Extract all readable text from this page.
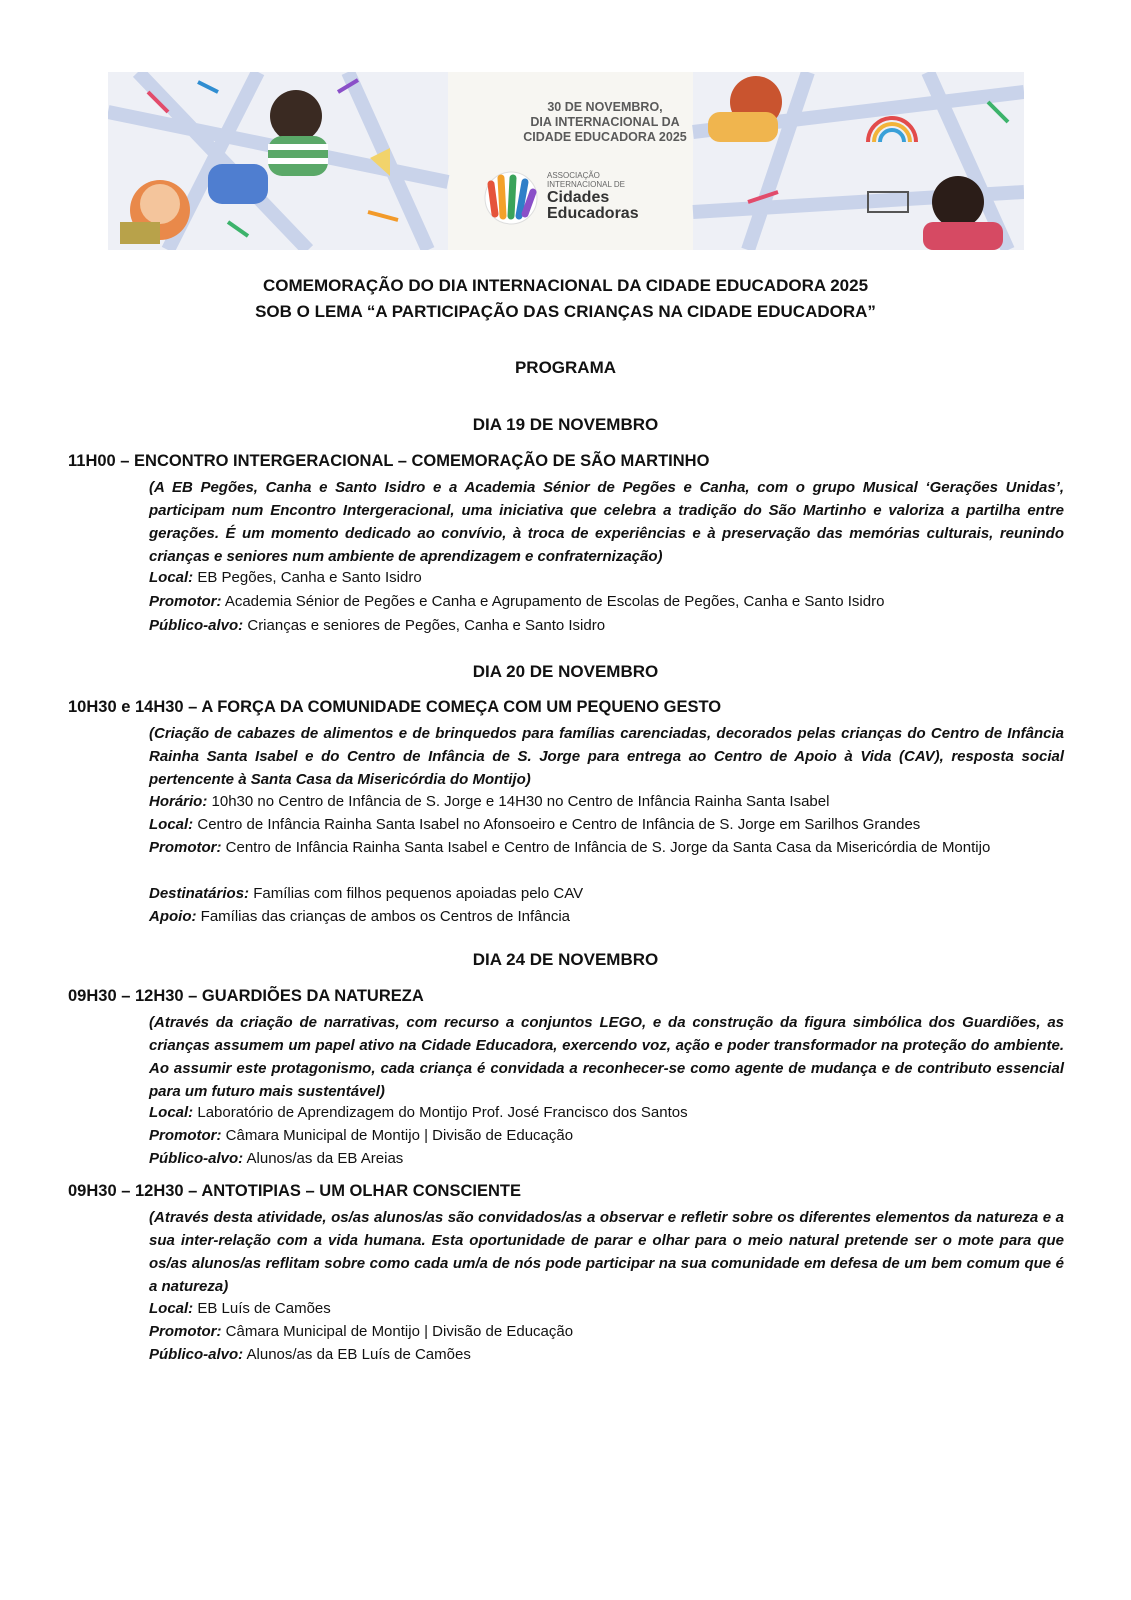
30 DE NOVEMBRO,
DIA INTERNACIONAL DA
CIDADE EDUCADORA 2025
ASSOCIAÇÃO
INTERNACIONAL DE
Cidades
Educadoras
COMEMORAÇÃO DO DIA INTERNACIONAL DA CIDADE EDUCADORA 2025
SOB O LEMA “A PARTICIPAÇÃO DAS CRIANÇAS NA CIDADE EDUCADORA”
PROGRAMA
DIA 19 DE NOVEMBRO
11H00 – ENCONTRO INTERGERACIONAL – COMEMORAÇÃO DE SÃO MARTINHO

(A EB Pegões, Canha e Santo Isidro e a Academia Sénior de Pegões e Canha, com o grupo Musical ‘Gerações Unidas’, participam num Encontro Intergeracional, uma iniciativa que celebra a tradição do São Martinho e valoriza a partilha entre gerações. É um momento dedicado ao convívio, à troca de experiências e à preservação das memórias culturais, reunindo crianças e seniores num ambiente de aprendizagem e confraternização)

Local: EB Pegões, Canha e Santo Isidro

Promotor: Academia Sénior de Pegões e Canha e Agrupamento de Escolas de Pegões, Canha e Santo Isidro

Público-alvo: Crianças e seniores de Pegões, Canha e Santo Isidro

DIA 20 DE NOVEMBRO
10H30 e 14H30 – A FORÇA DA COMUNIDADE COMEÇA COM UM PEQUENO GESTO

(Criação de cabazes de alimentos e de brinquedos para famílias carenciadas, decorados pelas crianças do Centro de Infância Rainha Santa Isabel e do Centro de Infância de S. Jorge para entrega ao Centro de Apoio à Vida (CAV), resposta social pertencente à Santa Casa da Misericórdia do Montijo)

Horário: 10h30 no Centro de Infância de S. Jorge e 14H30 no Centro de Infância Rainha Santa Isabel

Local: Centro de Infância Rainha Santa Isabel no Afonsoeiro e Centro de Infância de S. Jorge em Sarilhos Grandes

Promotor: Centro de Infância Rainha Santa Isabel e Centro de Infância de S. Jorge da Santa Casa da Misericórdia de Montijo

Destinatários: Famílias com filhos pequenos apoiadas pelo CAV

Apoio: Famílias das crianças de ambos os Centros de Infância

DIA 24 DE NOVEMBRO
09H30 – 12H30 – GUARDIÕES DA NATUREZA

(Através da criação de narrativas, com recurso a conjuntos LEGO, e da construção da figura simbólica dos Guardiões, as crianças assumem um papel ativo na Cidade Educadora, exercendo voz, ação e poder transformador na proteção do ambiente. Ao assumir este protagonismo, cada criança é convidada a reconhecer-se como agente de mudança e de contributo essencial para um futuro mais sustentável)

Local: Laboratório de Aprendizagem do Montijo Prof. José Francisco dos Santos

Promotor: Câmara Municipal de Montijo | Divisão de Educação

Público-alvo: Alunos/as da EB Areias

09H30 – 12H30 – ANTOTIPIAS – UM OLHAR CONSCIENTE

(Através desta atividade, os/as alunos/as são convidados/as a observar e refletir sobre os diferentes elementos da natureza e a sua inter-relação com a vida humana. Esta oportunidade de parar e olhar para o meio natural pretende ser o mote para que os/as alunos/as reflitam sobre como cada um/a de nós pode participar na sua comunidade em defesa de um bem comum que é a natureza)

Local: EB Luís de Camões

Promotor: Câmara Municipal de Montijo | Divisão de Educação

Público-alvo: Alunos/as da EB Luís de Camões
